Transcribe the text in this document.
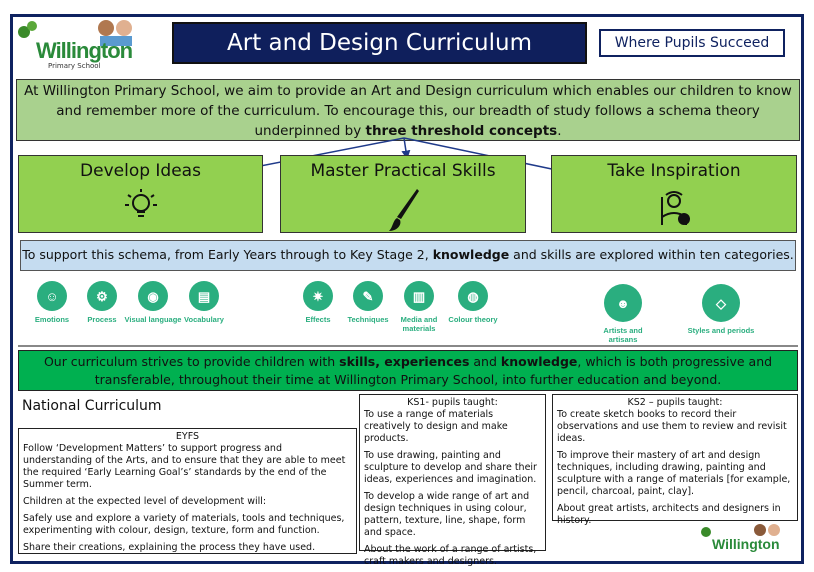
Willington
Primary School
Art and Design Curriculum	Where Pupils Succeed
At Willington Primary School, we aim to provide an Art and Design curriculum which enables our children to know and remember more of the curriculum. To encourage this, our breadth of study follows a schema theory underpinned by three threshold concepts.
Develop Ideas	Master Practical Skills	Take Inspiration
To support this schema, from Early Years through to Key Stage 2, knowledge and skills are explored within ten categories.
☺
Emotions
⚙
Process
◉
Visual language
▤
Vocabulary
✷
Effects
✎
Techniques
▥
Media and materials
◍
Colour theory
☻
Artists and artisans
◇
Styles and periods
Our curriculum strives to provide children with skills, experiences and knowledge, which is both progressive and transferable, throughout their time at Willington Primary School, into further education and beyond.
National Curriculum

EYFS

Follow ‘Development Matters’ to support progress and understanding of the Arts, and to ensure that they are able to meet the required ‘Early Learning Goal’s’ standards by the end of the Summer term.

Children at the expected level of development will:

Safely use and explore a variety of materials, tools and techniques, experimenting with colour, design, texture, form and function.

Share their creations, explaining the process they have used.

KS1- pupils taught:

To use a range of materials creatively to design and make products.

To use drawing, painting and sculpture to develop and share their ideas, experiences and imagination.

To develop a wide range of art and design techniques in using colour, pattern, texture, line, shape, form and space.

About the work of a range of artists, craft makers and designers.

KS2 – pupils taught:

To create sketch books to record their observations and use them to review and revisit ideas.

To improve their mastery of art and design techniques, including drawing, painting and sculpture with a range of materials [for example, pencil, charcoal, paint, clay].

About great artists, architects and designers in history.

Willington
